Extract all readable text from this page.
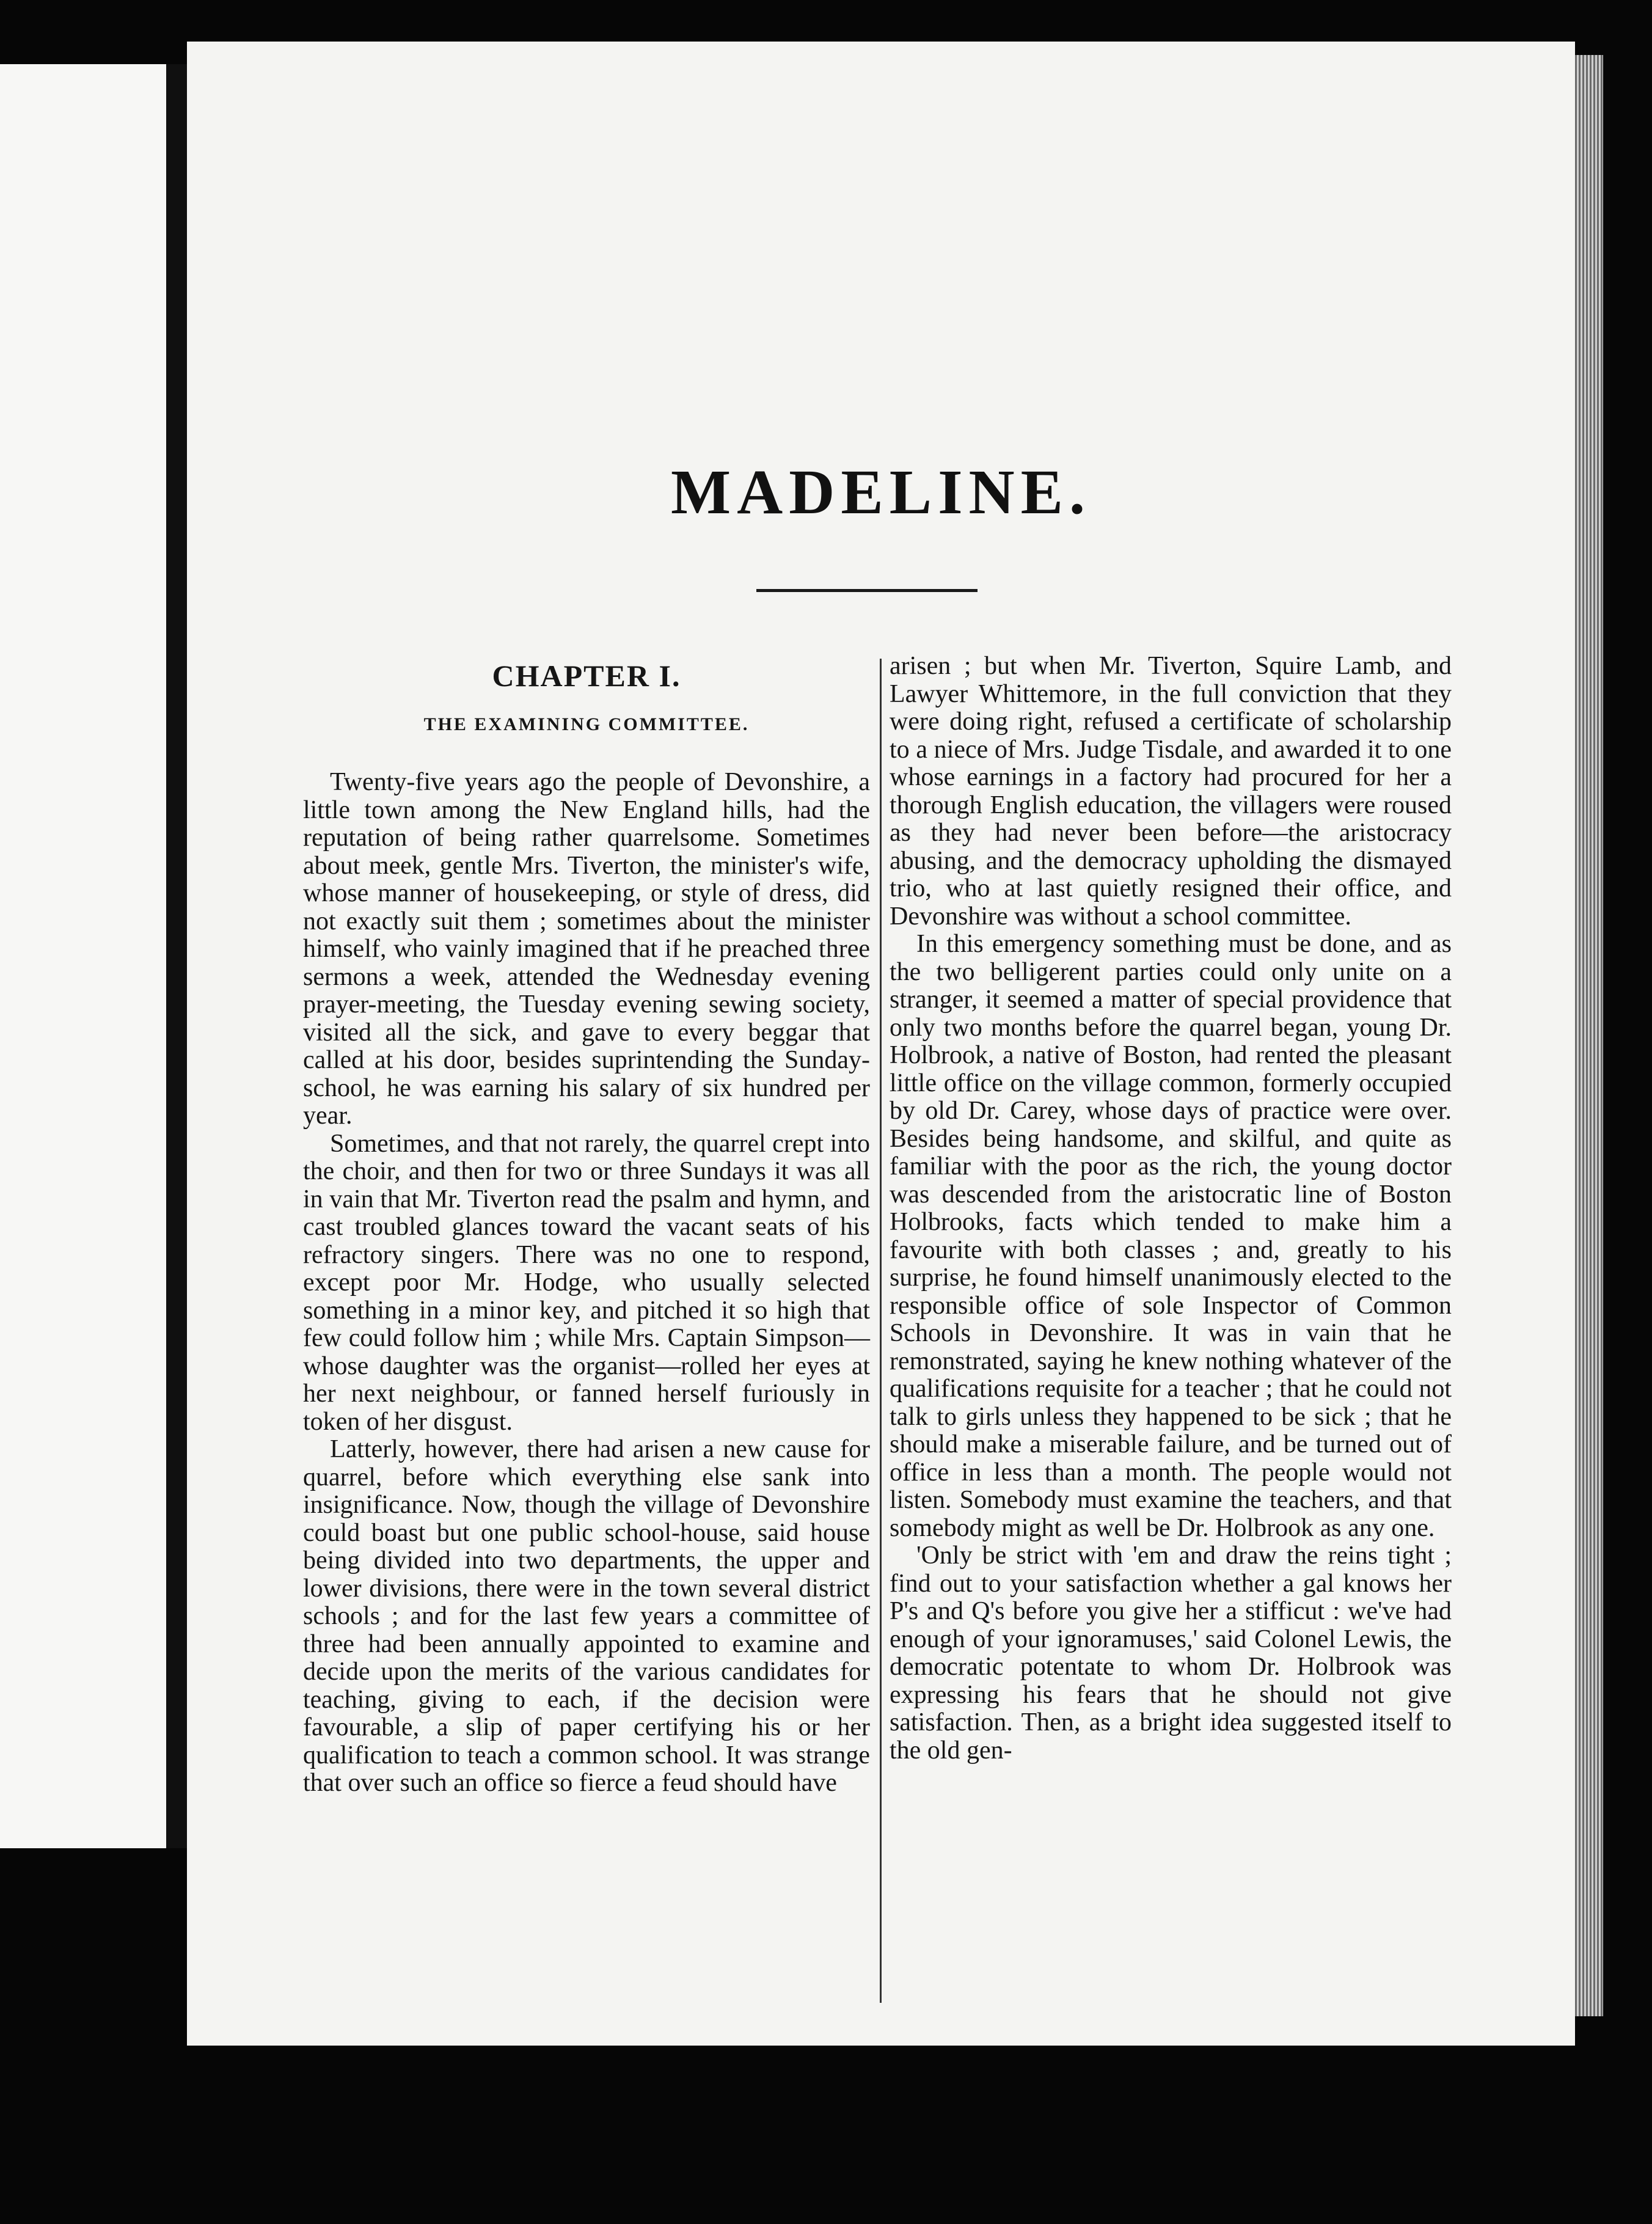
MADELINE.
CHAPTER I.
THE EXAMINING COMMITTEE.

Twenty-five years ago the people of Devonshire, a little town among the New England hills, had the reputation of being rather quarrelsome. Sometimes about meek, gentle Mrs. Tiverton, the minister's wife, whose manner of housekeeping, or style of dress, did not exactly suit them ; sometimes about the minister himself, who vainly imagined that if he preached three sermons a week, attended the Wednesday evening prayer-meeting, the Tuesday evening sewing society, visited all the sick, and gave to every beggar that called at his door, besides suprintending the Sunday-school, he was earning his salary of six hundred per year.

Sometimes, and that not rarely, the quarrel crept into the choir, and then for two or three Sundays it was all in vain that Mr. Tiverton read the psalm and hymn, and cast troubled glances toward the vacant seats of his refractory singers. There was no one to respond, except poor Mr. Hodge, who usually selected something in a minor key, and pitched it so high that few could follow him ; while Mrs. Captain Simpson—whose daughter was the organist—rolled her eyes at her next neighbour, or fanned herself furiously in token of her disgust.

Latterly, however, there had arisen a new cause for quarrel, before which everything else sank into insignificance. Now, though the village of Devonshire could boast but one public school-house, said house being divided into two departments, the upper and lower divisions, there were in the town several district schools ; and for the last few years a committee of three had been annually appointed to examine and decide upon the merits of the various candidates for teaching, giving to each, if the decision were favourable, a slip of paper certifying his or her qualification to teach a common school. It was strange that over such an office so fierce a feud should have

arisen ; but when Mr. Tiverton, Squire Lamb, and Lawyer Whittemore, in the full conviction that they were doing right, refused a certificate of scholarship to a niece of Mrs. Judge Tisdale, and awarded it to one whose earnings in a factory had procured for her a thorough English education, the villagers were roused as they had never been before—the aristocracy abusing, and the democracy upholding the dismayed trio, who at last quietly resigned their office, and Devonshire was without a school committee.

In this emergency something must be done, and as the two belligerent parties could only unite on a stranger, it seemed a matter of special providence that only two months before the quarrel began, young Dr. Holbrook, a native of Boston, had rented the pleasant little office on the village common, formerly occupied by old Dr. Carey, whose days of practice were over. Besides being handsome, and skilful, and quite as familiar with the poor as the rich, the young doctor was descended from the aristocratic line of Boston Holbrooks, facts which tended to make him a favourite with both classes ; and, greatly to his surprise, he found himself unanimously elected to the responsible office of sole Inspector of Common Schools in Devonshire. It was in vain that he remonstrated, saying he knew nothing whatever of the qualifications requisite for a teacher ; that he could not talk to girls unless they happened to be sick ; that he should make a miserable failure, and be turned out of office in less than a month. The people would not listen. Somebody must examine the teachers, and that somebody might as well be Dr. Holbrook as any one.

'Only be strict with 'em and draw the reins tight ; find out to your satisfaction whether a gal knows her P's and Q's before you give her a stifficut : we've had enough of your ignoramuses,' said Colonel Lewis, the democratic potentate to whom Dr. Holbrook was expressing his fears that he should not give satisfaction. Then, as a bright idea suggested itself to the old gen-
